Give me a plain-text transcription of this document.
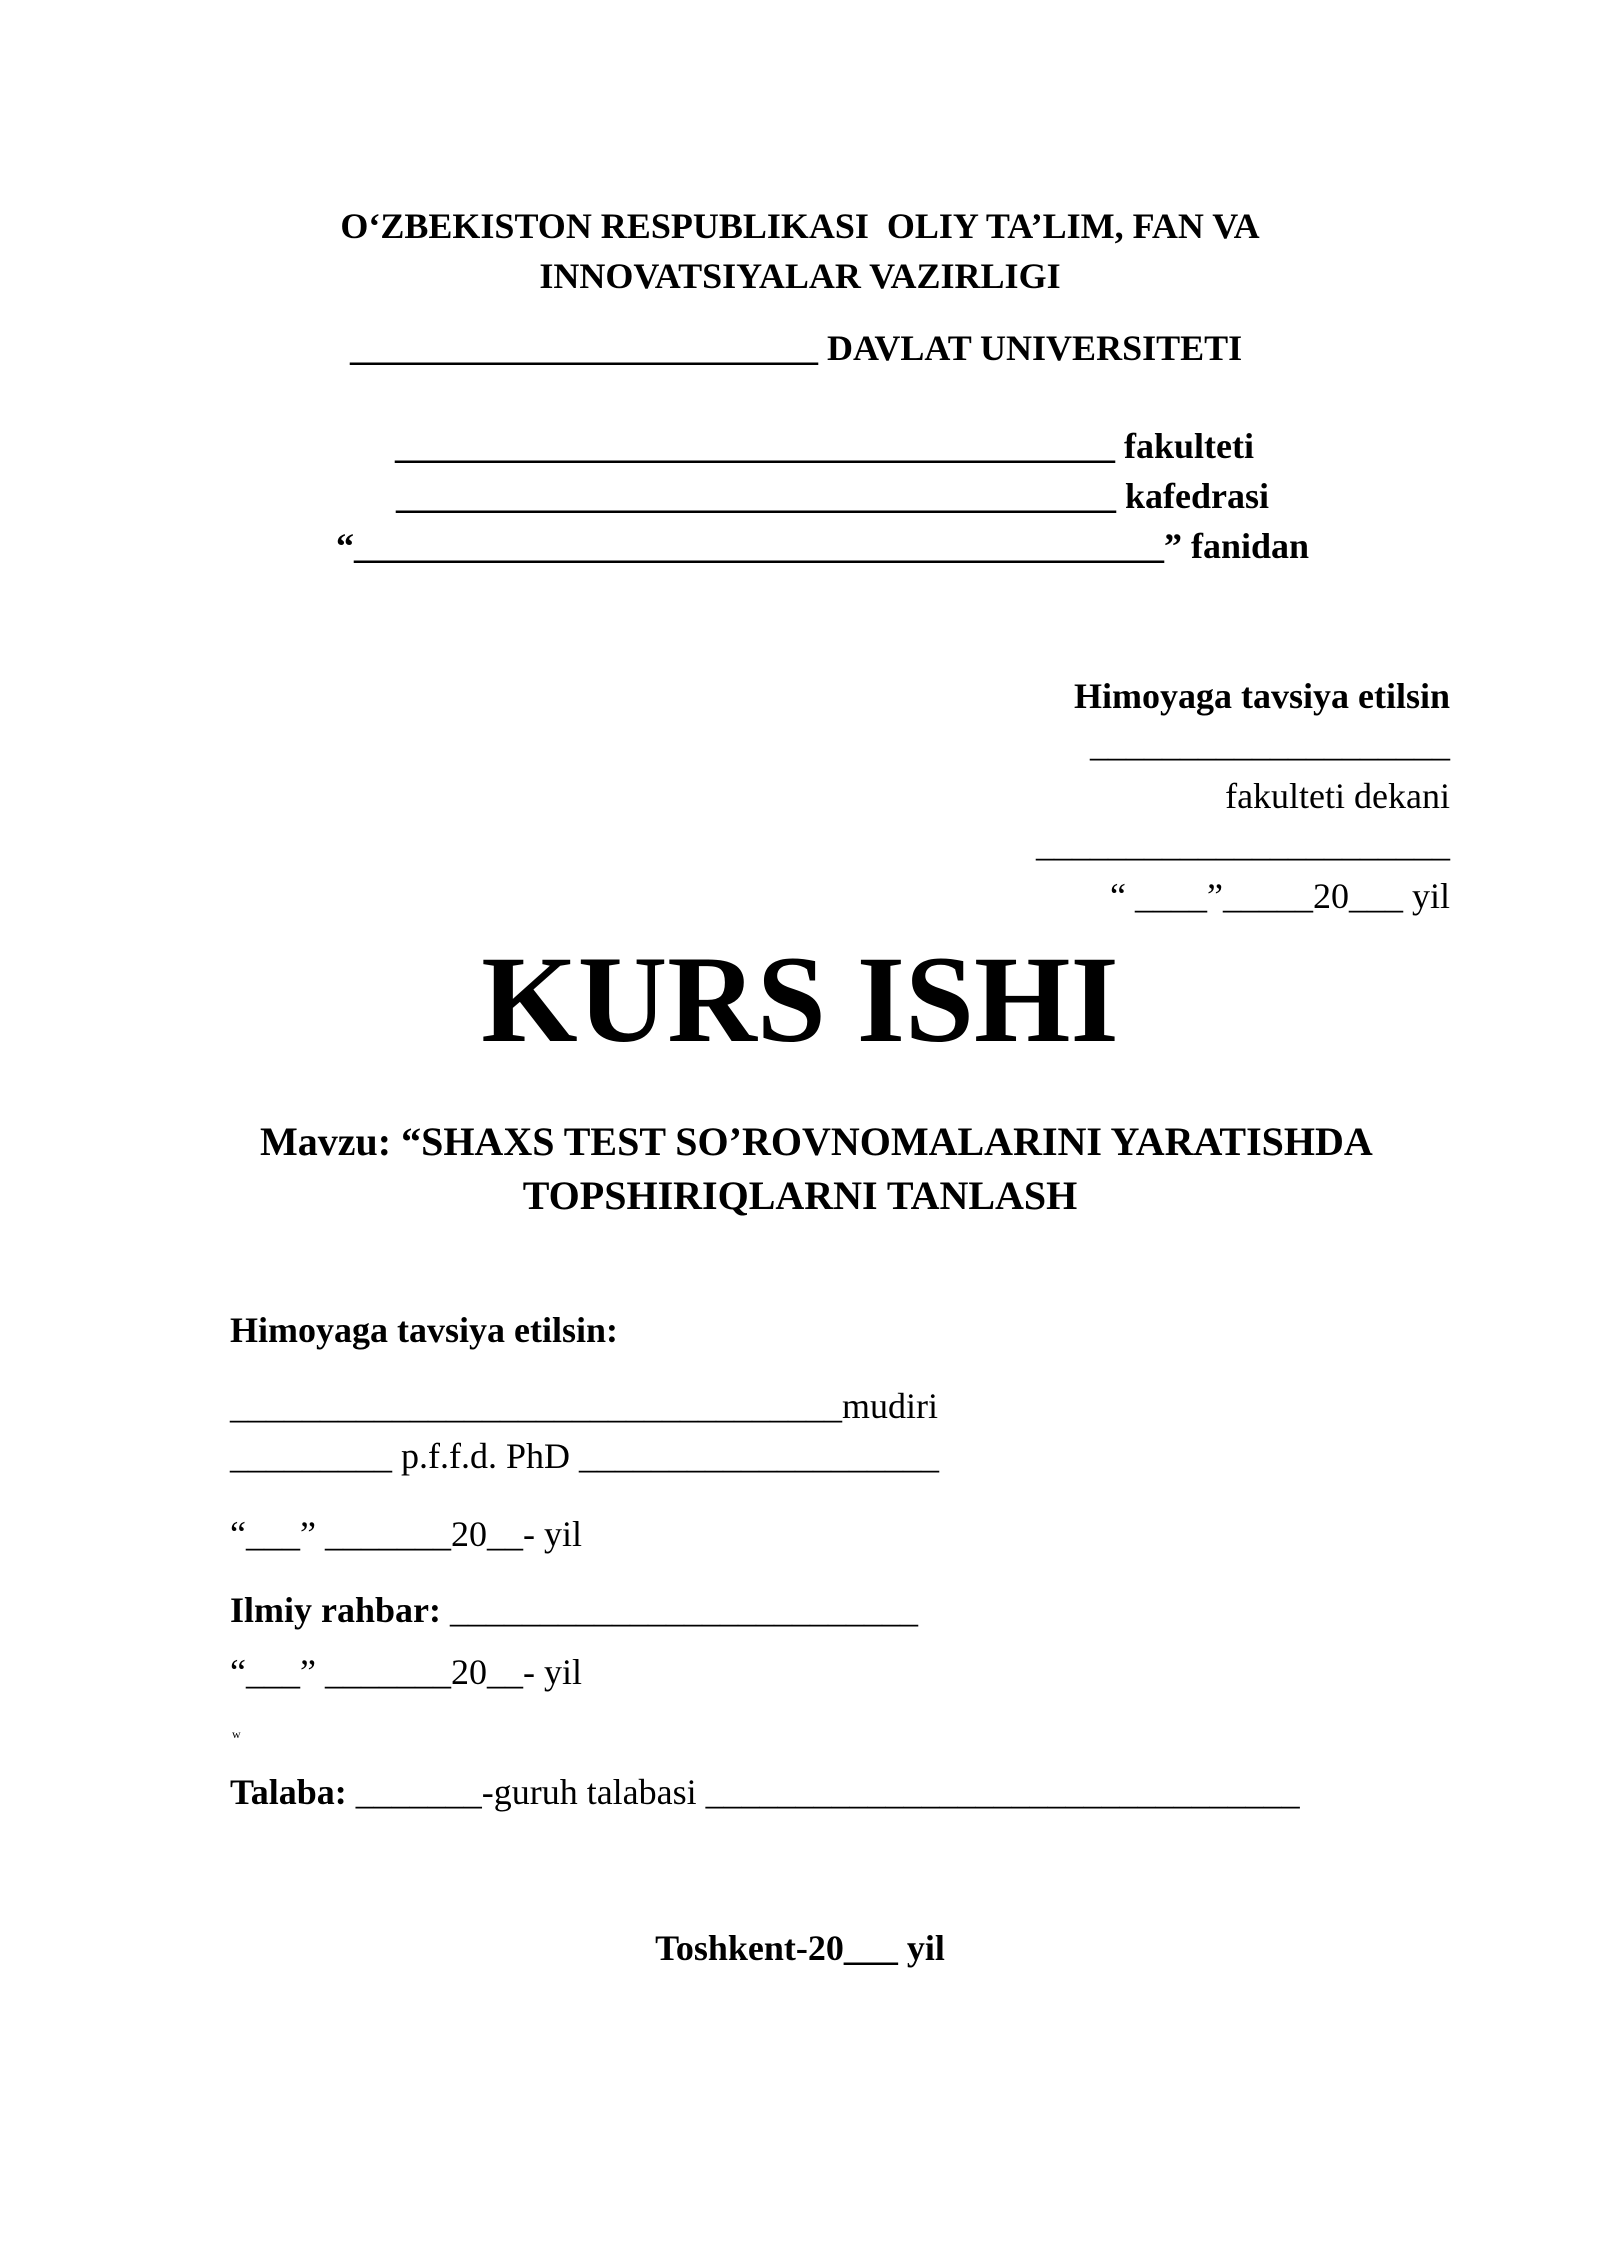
O‘ZBEKISTON RESPUBLIKASI  OLIY TA’LIM, FAN VA
INNOVATSIYALAR VAZIRLIGI
__________________________ DAVLAT UNIVERSITETI
________________________________________ fakulteti
________________________________________ kafedrasi
“_____________________________________________” fanidan
Himoyaga tavsiya etilsin
____________________
fakulteti dekani
_______________________
“ ____”_____20___ yil
KURS ISHI
Mavzu: “SHAXS TEST SO’ROVNOMALARINI YARATISHDA
TOPSHIRIQLARNI TANLASH
Himoyaga tavsiya etilsin:
__________________________________mudiri
_________ p.f.f.d. PhD ____________________
“___” _______20__- yil
Ilmiy rahbar: __________________________
“___” _______20__- yil
w
Talaba: _______-guruh talabasi _________________________________
Toshkent-20___ yil
